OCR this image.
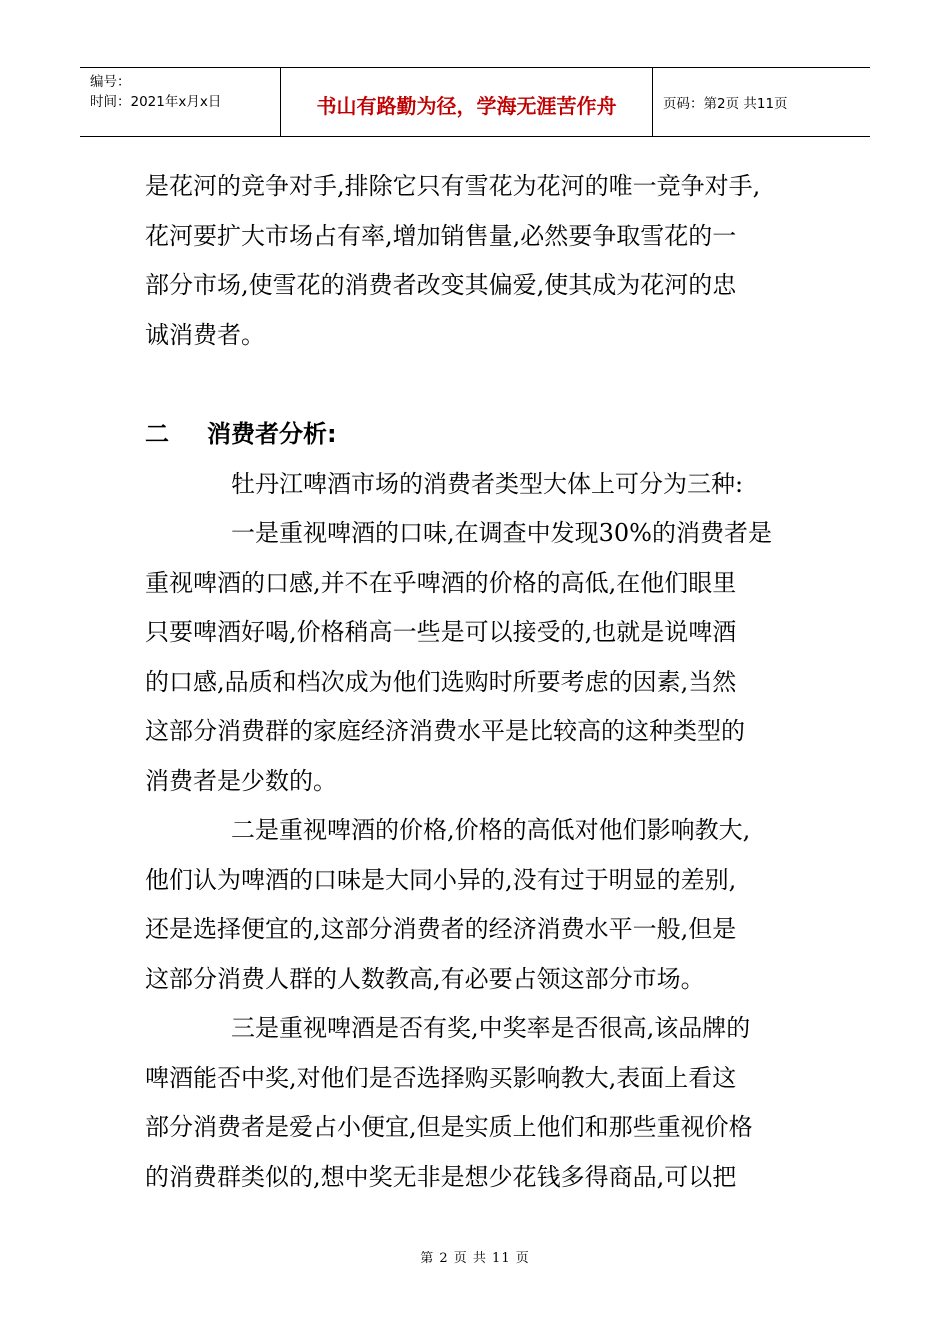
编号：
时间：2021年x月x日	书山有路勤为径，学海无涯苦作舟	页码：第2页 共11页

是花河的竞争对手,排除它只有雪花为花河的唯一竞争对手,

花河要扩大市场占有率,增加销售量,必然要争取雪花的一

部分市场,使雪花的消费者改变其偏爱,使其成为花河的忠

诚消费者。

二	消费者分析:

牡丹江啤酒市场的消费者类型大体上可分为三种:

一是重视啤酒的口味,在调查中发现30%的消费者是

重视啤酒的口感,并不在乎啤酒的价格的高低,在他们眼里

只要啤酒好喝,价格稍高一些是可以接受的,也就是说啤酒

的口感,品质和档次成为他们选购时所要考虑的因素,当然

这部分消费群的家庭经济消费水平是比较高的这种类型的

消费者是少数的。

二是重视啤酒的价格,价格的高低对他们影响教大,

他们认为啤酒的口味是大同小异的,没有过于明显的差别,

还是选择便宜的,这部分消费者的经济消费水平一般,但是

这部分消费人群的人数教高,有必要占领这部分市场。

三是重视啤酒是否有奖,中奖率是否很高,该品牌的

啤酒能否中奖,对他们是否选择购买影响教大,表面上看这

部分消费者是爱占小便宜,但是实质上他们和那些重视价格

的消费群类似的,想中奖无非是想少花钱多得商品,可以把

第 2 页 共 11 页
